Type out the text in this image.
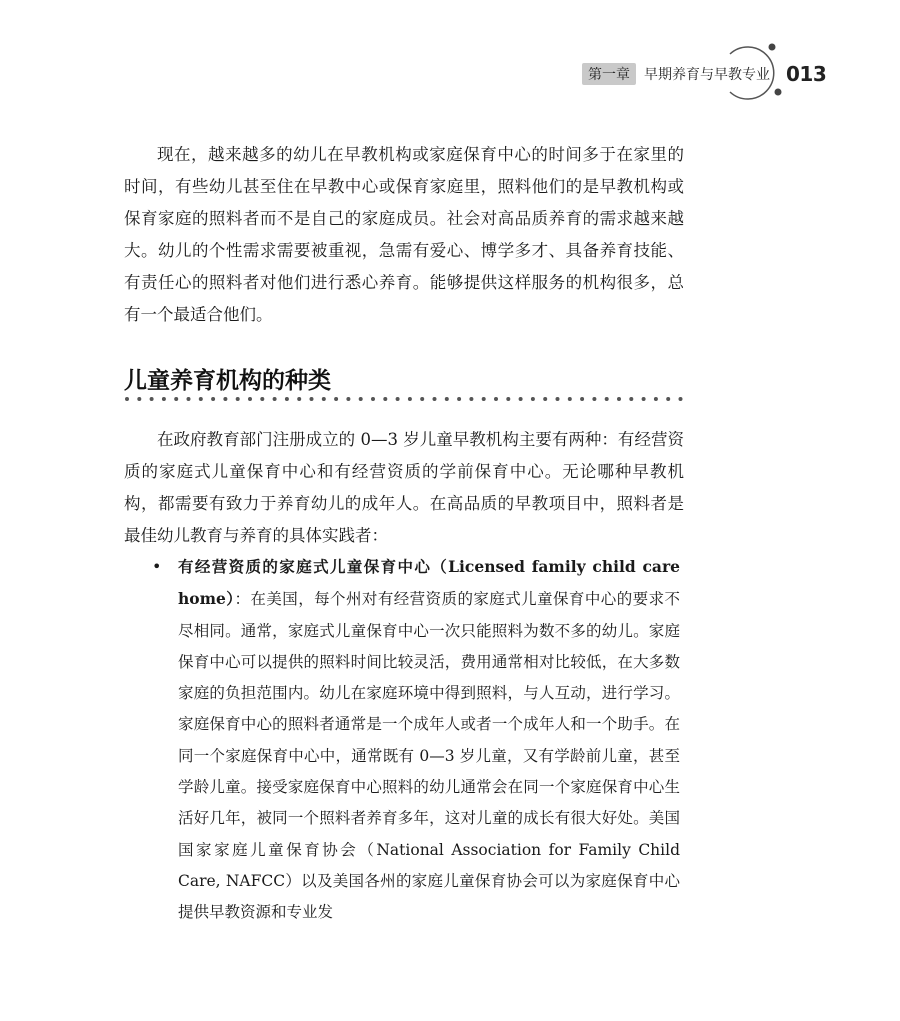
第一章	早期养育与早教专业 013

现在，越来越多的幼儿在早教机构或家庭保育中心的时间多于在家里的时间，有些幼儿甚至住在早教中心或保育家庭里，照料他们的是早教机构或保育家庭的照料者而不是自己的家庭成员。社会对高品质养育的需求越来越大。幼儿的个性需求需要被重视，急需有爱心、博学多才、具备养育技能、有责任心的照料者对他们进行悉心养育。能够提供这样服务的机构很多，总有一个最适合他们。

儿童养育机构的种类

在政府教育部门注册成立的 0—3 岁儿童早教机构主要有两种：有经营资质的家庭式儿童保育中心和有经营资质的学前保育中心。无论哪种早教机构，都需要有致力于养育幼儿的成年人。在高品质的早教项目中，照料者是最佳幼儿教育与养育的具体实践者：

•	有经营资质的家庭式儿童保育中心（Licensed family child care home）：在美国，每个州对有经营资质的家庭式儿童保育中心的要求不尽相同。通常，家庭式儿童保育中心一次只能照料为数不多的幼儿。家庭保育中心可以提供的照料时间比较灵活，费用通常相对比较低，在大多数家庭的负担范围内。幼儿在家庭环境中得到照料，与人互动，进行学习。家庭保育中心的照料者通常是一个成年人或者一个成年人和一个助手。在同一个家庭保育中心中，通常既有 0—3 岁儿童，又有学龄前儿童，甚至学龄儿童。接受家庭保育中心照料的幼儿通常会在同一个家庭保育中心生活好几年，被同一个照料者养育多年，这对儿童的成长有很大好处。美国国家家庭儿童保育协会（National Association for Family Child Care, NAFCC）以及美国各州的家庭儿童保育协会可以为家庭保育中心提供早教资源和专业发
